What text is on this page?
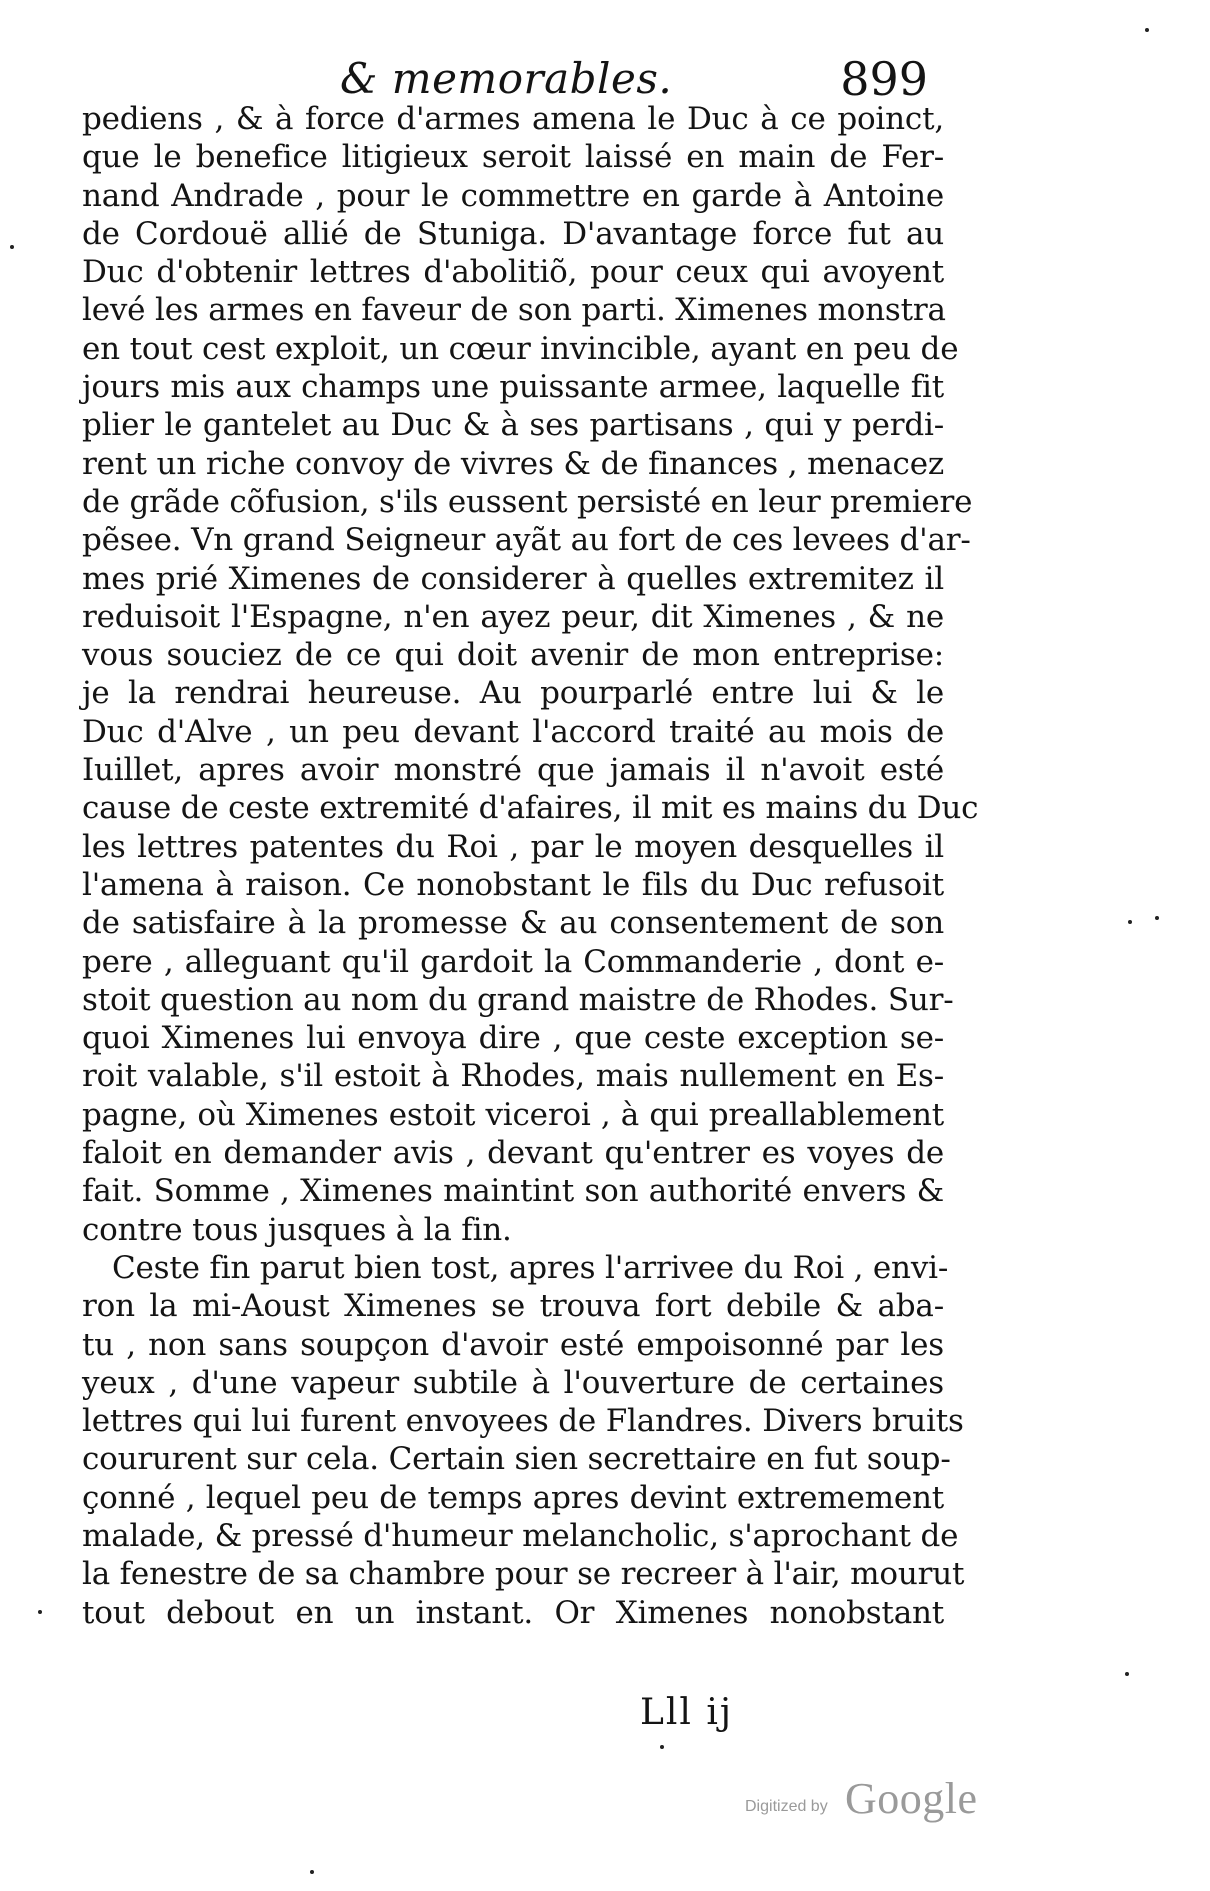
& memorables.	899
pediens , & à force d'armes amena le Duc à ce poinct,
que le benefice litigieux seroit laissé en main de Fer-
nand Andrade , pour le commettre en garde à Antoine
de Cordouë allié de Stuniga. D'avantage force fut au
Duc d'obtenir lettres d'abolitiõ, pour ceux qui avoyent
levé les armes en faveur de son parti. Ximenes monstra
en tout cest exploit, un cœur invincible, ayant en peu de
jours mis aux champs une puissante armee, laquelle fit
plier le gantelet au Duc & à ses partisans , qui y perdi-
rent un riche convoy de vivres & de finances , menacez
de grãde cõfusion, s'ils eussent persisté en leur premiere
pẽsee. Vn grand Seigneur ayãt au fort de ces levees d'ar-
mes prié Ximenes de considerer à quelles extremitez il
reduisoit l'Espagne, n'en ayez peur, dit Ximenes , & ne
vous souciez de ce qui doit avenir de mon entreprise:
je la rendrai heureuse. Au pourparlé entre lui & le
Duc d'Alve , un peu devant l'accord traité au mois de
Iuillet, apres avoir monstré que jamais il n'avoit esté
cause de ceste extremité d'afaires, il mit es mains du Duc
les lettres patentes du Roi , par le moyen desquelles il
l'amena à raison. Ce nonobstant le fils du Duc refusoit
de satisfaire à la promesse & au consentement de son
pere , alleguant qu'il gardoit la Commanderie , dont e-
stoit question au nom du grand maistre de Rhodes. Sur-
quoi Ximenes lui envoya dire , que ceste exception se-
roit valable, s'il estoit à Rhodes, mais nullement en Es-
pagne, où Ximenes estoit viceroi , à qui preallablement
faloit en demander avis , devant qu'entrer es voyes de
fait. Somme , Ximenes maintint son authorité envers &
contre tous jusques à la fin.
Ceste fin parut bien tost, apres l'arrivee du Roi , envi-
ron la mi-Aoust Ximenes se trouva fort debile & aba-
tu , non sans soupçon d'avoir esté empoisonné par les
yeux , d'une vapeur subtile à l'ouverture de certaines
lettres qui lui furent envoyees de Flandres. Divers bruits
coururent sur cela. Certain sien secrettaire en fut soup-
çonné , lequel peu de temps apres devint extremement
malade, & pressé d'humeur melancholic, s'aprochant de
la fenestre de sa chambre pour se recreer à l'air, mourut
tout debout en un instant. Or Ximenes nonobstant
Lll ij
Digitized by Google
